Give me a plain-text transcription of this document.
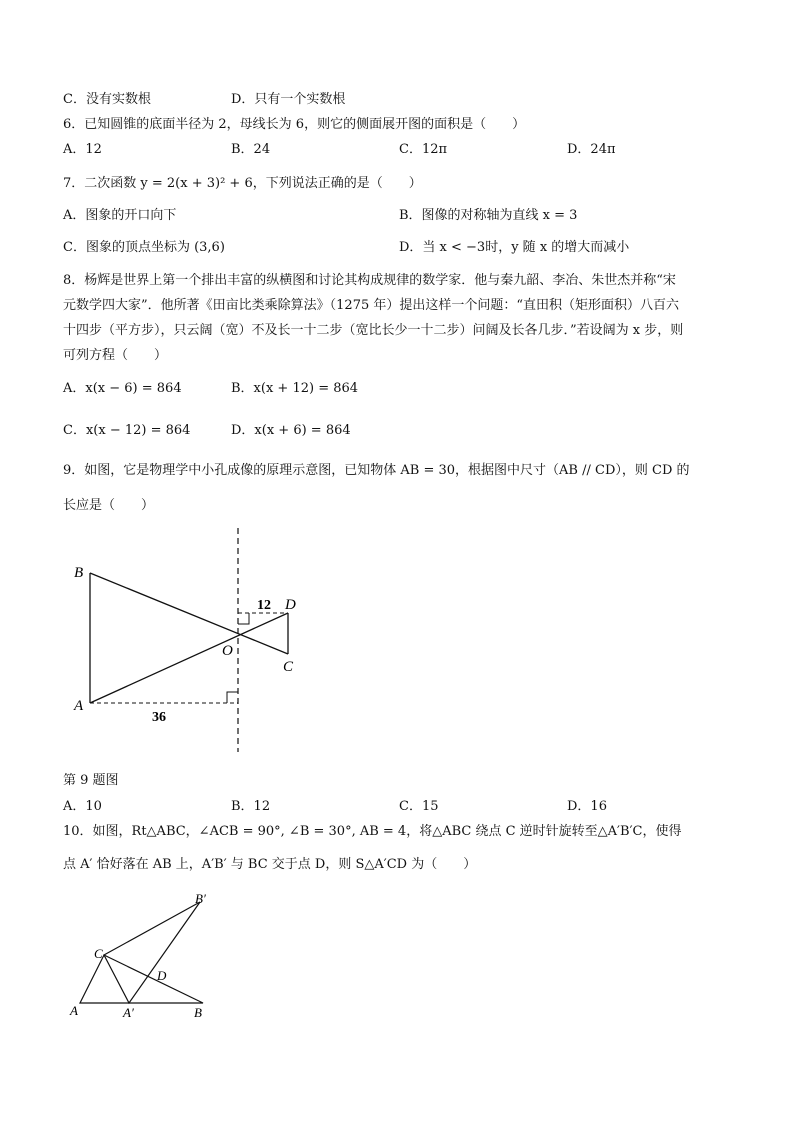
C．没有实数根	D．只有一个实数根
6．已知圆锥的底面半径为 2，母线长为 6，则它的侧面展开图的面积是（　　）
A．12	B．24	C．12π	D．24π
7．二次函数 y = 2(x + 3)² + 6，下列说法正确的是（　　）
A．图象的开口向下	B．图像的对称轴为直线 x = 3
C．图象的顶点坐标为 (3,6)	D．当 x < −3时，y 随 x 的增大而减小
8．杨辉是世界上第一个排出丰富的纵横图和讨论其构成规律的数学家．他与秦九韶、李冶、朱世杰并称“宋
元数学四大家”．他所著《田亩比类乘除算法》（1275 年）提出这样一个问题：“直田积（矩形面积）八百六
十四步（平方步），只云阔（宽）不及长一十二步（宽比长少一十二步）问阔及长各几步．”若设阔为 x 步，则
可列方程（　　）
A．x(x − 6) = 864	B．x(x + 12) = 864
C．x(x − 12) = 864	D．x(x + 6) = 864
9．如图，它是物理学中小孔成像的原理示意图，已知物体 AB = 30，根据图中尺寸（AB // CD），则 CD 的
长应是（　　）
B
A
O
D
C
36
12
B′
C
D
A	A′	B
第 9 题图
A．10	B．12	C．15	D．16
10．如图，Rt△ABC，∠ACB = 90°, ∠B = 30°, AB = 4，将△ABC 绕点 C 逆时针旋转至△A′B′C，使得
点 A′ 恰好落在 AB 上，A′B′ 与 BC 交于点 D，则 S△A′CD 为（　　）
